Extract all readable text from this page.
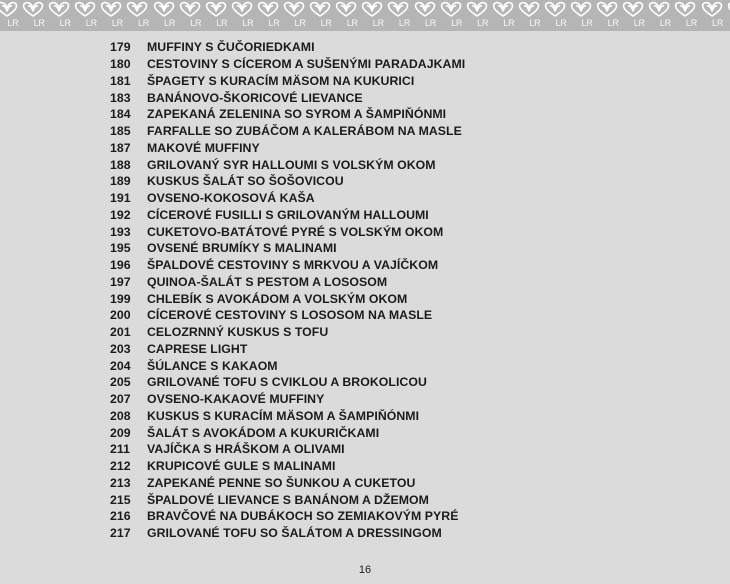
LR	LR	LR	LR	LR	LR	LR	LR	LR	LR	LR	LR	LR	LR	LR	LR	LR	LR	LR	LR	LR	LR	LR	LR	LR	LR	LR	LR
179	MUFFINY S ČUČORIEDKAMI
180	CESTOVINY S CÍCEROM A SUŠENÝMI PARADAJKAMI
181	ŠPAGETY S KURACÍM MÄSOM NA KUKURICI
183	BANÁNOVO-ŠKORICOVÉ LIEVANCE
184	ZAPEKANÁ ZELENINA SO SYROM A ŠAMPIŇÓNMI
185	FARFALLE SO ZUBÁČOM A KALERÁBOM NA MASLE
187	MAKOVÉ MUFFINY
188	GRILOVANÝ SYR HALLOUMI S VOLSKÝM OKOM
189	KUSKUS ŠALÁT SO ŠOŠOVICOU
191	OVSENO-KOKOSOVÁ KAŠA
192	CÍCEROVÉ FUSILLI S GRILOVANÝM HALLOUMI
193	CUKETOVO-BATÁTOVÉ PYRÉ S VOLSKÝM OKOM
195	OVSENÉ BRUMÍKY S MALINAMI
196	ŠPALDOVÉ CESTOVINY S MRKVOU A VAJÍČKOM
197	QUINOA-ŠALÁT S PESTOM A LOSOSOM
199	CHLEBÍK S AVOKÁDOM A VOLSKÝM OKOM
200	CÍCEROVÉ CESTOVINY S LOSOSOM NA MASLE
201	CELOZRNNÝ KUSKUS S TOFU
203	CAPRESE LIGHT
204	ŠÚLANCE S KAKAOM
205	GRILOVANÉ TOFU S CVIKLOU A BROKOLICOU
207	OVSENO-KAKAOVÉ MUFFINY
208	KUSKUS S KURACÍM MÄSOM A ŠAMPIŇÓNMI
209	ŠALÁT S AVOKÁDOM A KUKURIČKAMI
211	VAJÍČKA S HRÁŠKOM A OLIVAMI
212	KRUPICOVÉ GULE S MALINAMI
213	ZAPEKANÉ PENNE SO ŠUNKOU A CUKETOU
215	ŠPALDOVÉ LIEVANCE S BANÁNOM A DŽEMOM
216	BRAVČOVÉ NA DUBÁKOCH SO ZEMIAKOVÝM PYRÉ
217	GRILOVANÉ TOFU SO ŠALÁTOM A DRESSINGOM
16
